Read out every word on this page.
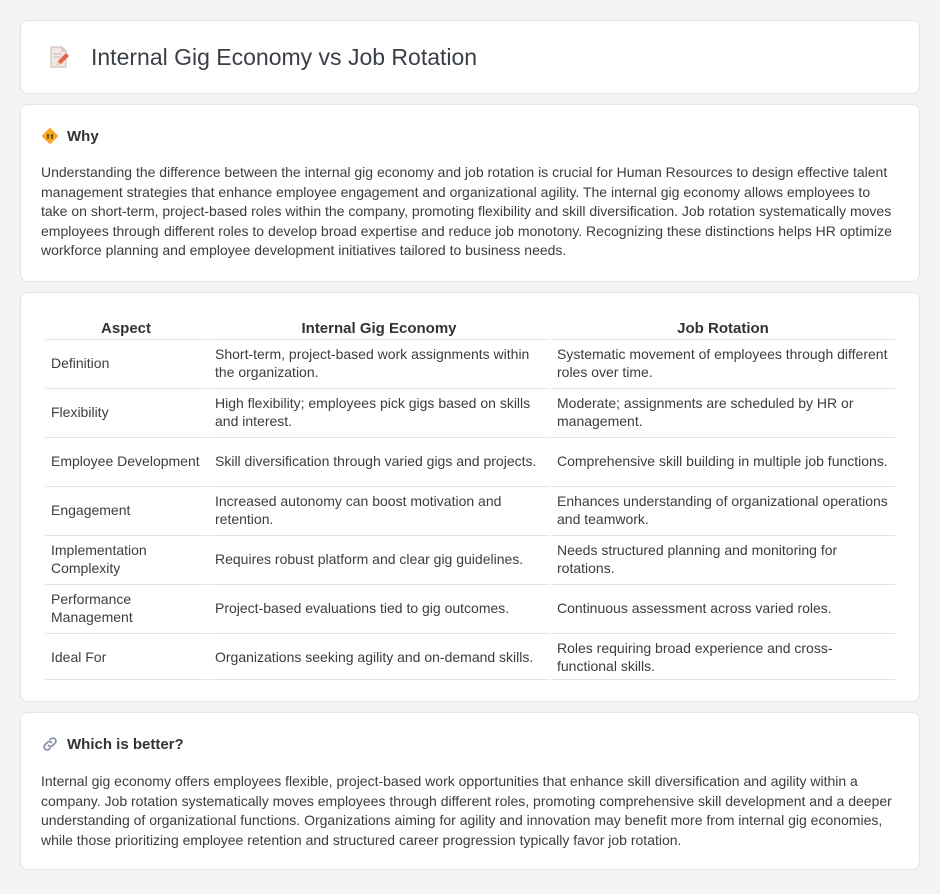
Internal Gig Economy vs Job Rotation
Why

Understanding the difference between the internal gig economy and job rotation is crucial for Human Resources to design effective talent management strategies that enhance employee engagement and organizational agility. The internal gig economy allows employees to take on short-term, project-based roles within the company, promoting flexibility and skill diversification. Job rotation systematically moves employees through different roles to develop broad expertise and reduce job monotony. Recognizing these distinctions helps HR optimize workforce planning and employee development initiatives tailored to business needs.

Aspect	Internal Gig Economy	Job Rotation
Definition	Short-term, project-based work assignments within the organization.	Systematic movement of employees through different roles over time.
Flexibility	High flexibility; employees pick gigs based on skills and interest.	Moderate; assignments are scheduled by HR or management.
Employee Development	Skill diversification through varied gigs and projects.	Comprehensive skill building in multiple job functions.
Engagement	Increased autonomy can boost motivation and retention.	Enhances understanding of organizational operations and teamwork.
Implementation Complexity	Requires robust platform and clear gig guidelines.	Needs structured planning and monitoring for rotations.
Performance Management	Project-based evaluations tied to gig outcomes.	Continuous assessment across varied roles.
Ideal For	Organizations seeking agility and on-demand skills.	Roles requiring broad experience and cross-functional skills.
Which is better?

Internal gig economy offers employees flexible, project-based work opportunities that enhance skill diversification and agility within a company. Job rotation systematically moves employees through different roles, promoting comprehensive skill development and a deeper understanding of organizational functions. Organizations aiming for agility and innovation may benefit more from internal gig economies, while those prioritizing employee retention and structured career progression typically favor job rotation.
